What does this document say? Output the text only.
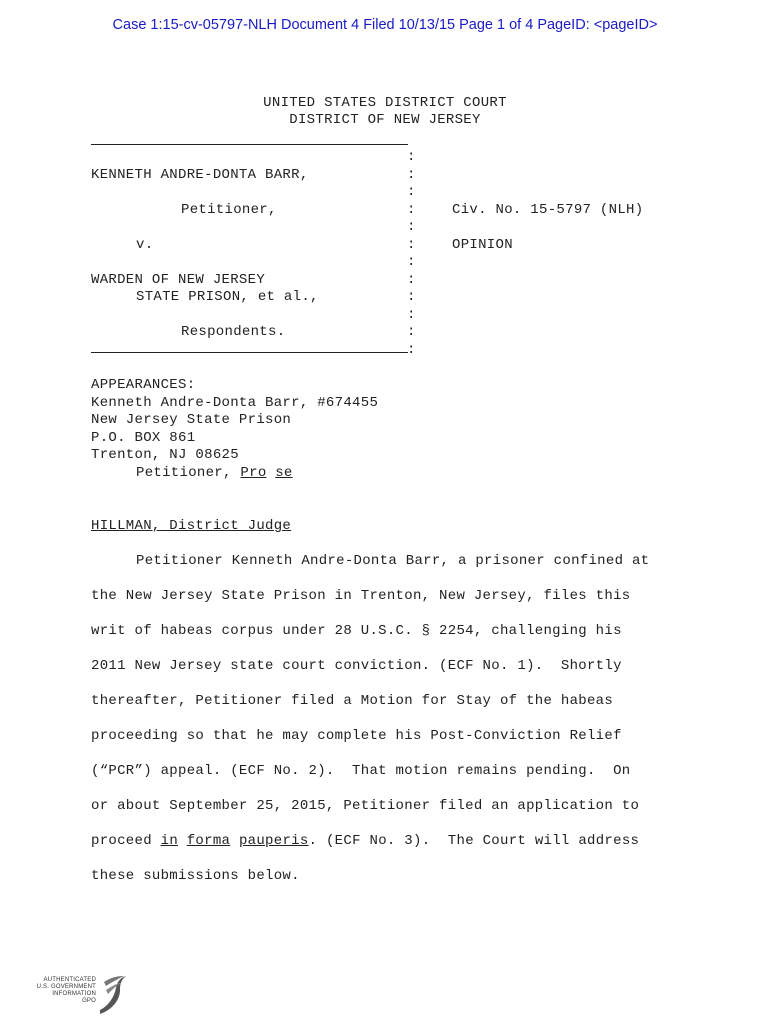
Case 1:15-cv-05797-NLH Document 4 Filed 10/13/15 Page 1 of 4 PageID: <pageID>
UNITED STATES DISTRICT COURT
DISTRICT OF NEW JERSEY
:
:
:
:
:
:
:
:
:
:
:
:
KENNETH ANDRE-DONTA BARR,
Petitioner,
v.
WARDEN OF NEW JERSEY
STATE PRISON, et al.,
Respondents.
Civ. No. 15-5797 (NLH)
OPINION
APPEARANCES:
Kenneth Andre-Donta Barr, #674455
New Jersey State Prison
P.O. BOX 861
Trenton, NJ 08625
Petitioner, Pro se
HILLMAN, District Judge
Petitioner Kenneth Andre-Donta Barr, a prisoner confined at
the New Jersey State Prison in Trenton, New Jersey, files this
writ of habeas corpus under 28 U.S.C. § 2254, challenging his
2011 New Jersey state court conviction. (ECF No. 1).  Shortly
thereafter, Petitioner filed a Motion for Stay of the habeas
proceeding so that he may complete his Post-Conviction Relief
(“PCR”) appeal. (ECF No. 2).  That motion remains pending.  On
or about September 25, 2015, Petitioner filed an application to
proceed in forma pauperis. (ECF No. 3).  The Court will address
these submissions below.
AUTHENTICATED
U.S. GOVERNMENT
INFORMATION
GPO
